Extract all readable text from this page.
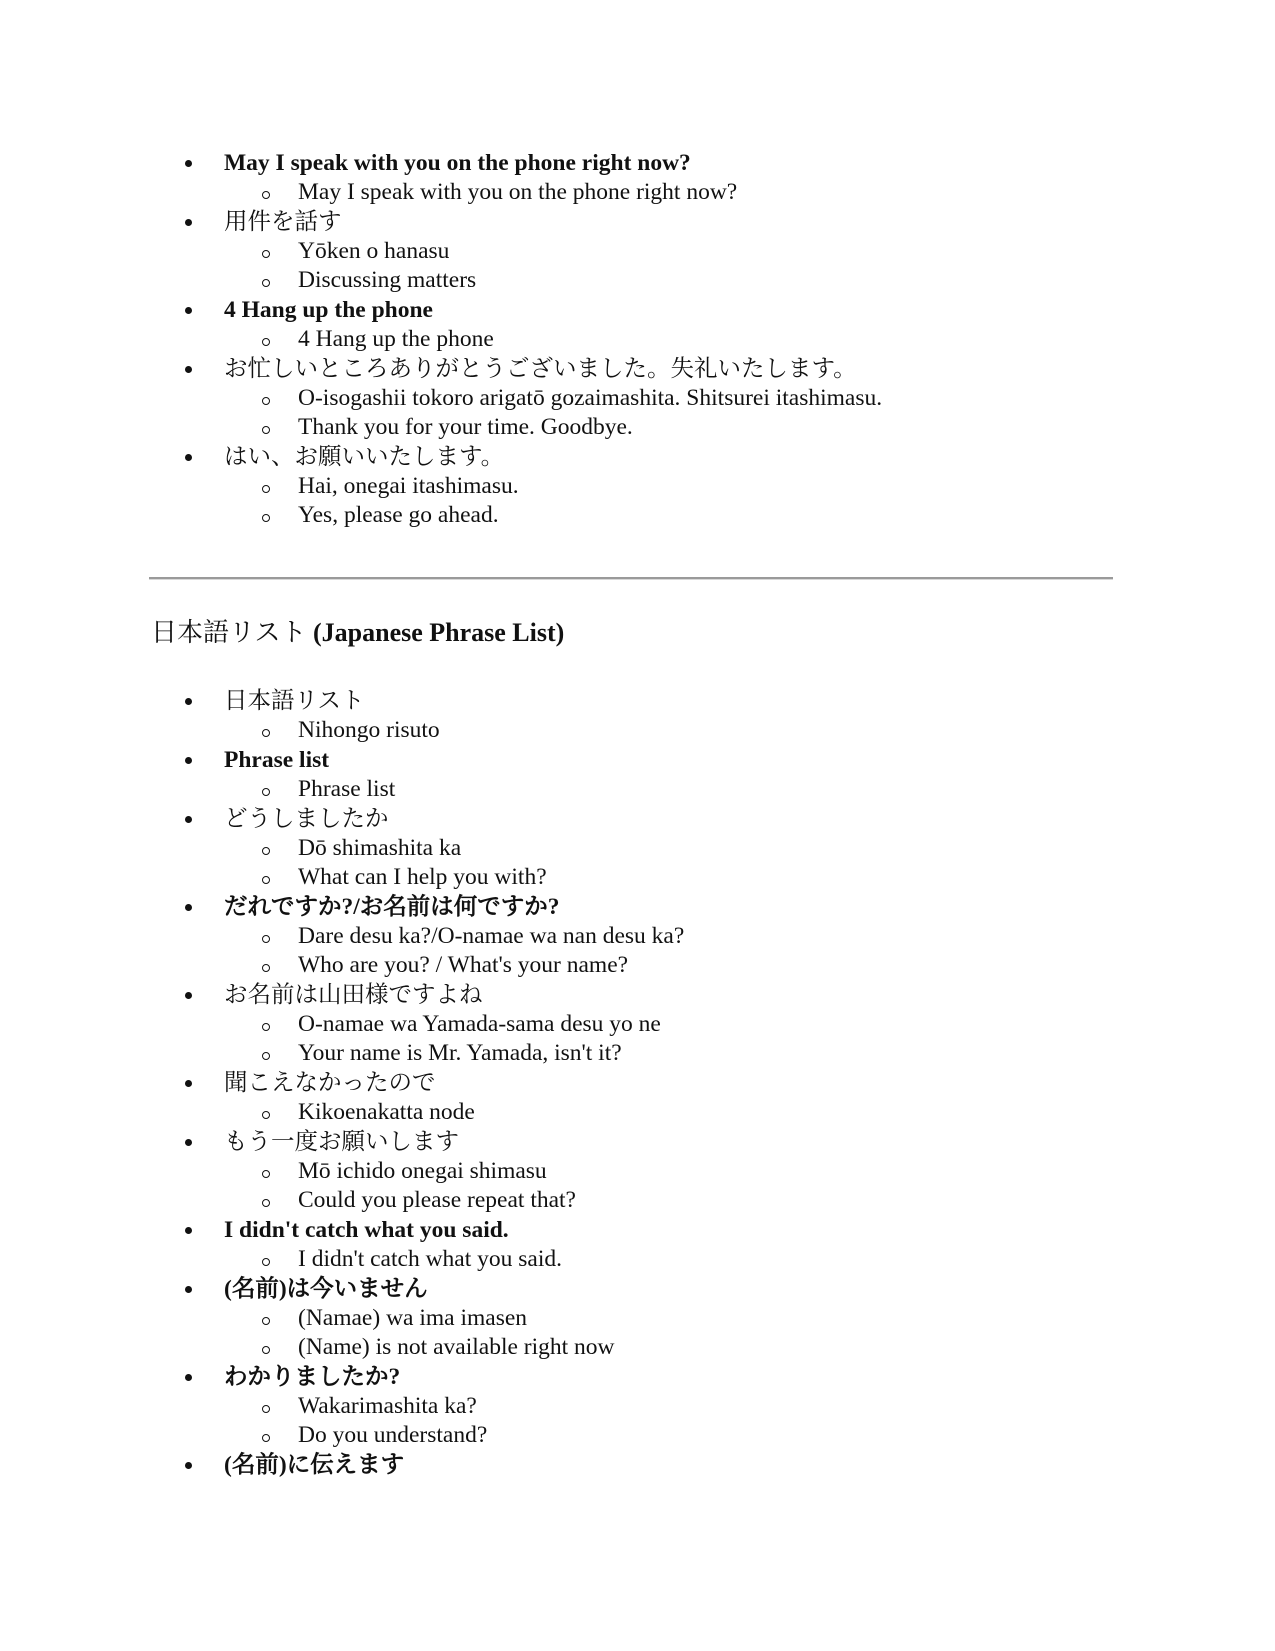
May I speak with you on the phone right now?
May I speak with you on the phone right now?
用件を話す
Yōken o hanasu
Discussing matters
4 Hang up the phone
4 Hang up the phone
お忙しいところありがとうございました。失礼いたします。
O-isogashii tokoro arigatō gozaimashita. Shitsurei itashimasu.
Thank you for your time. Goodbye.
はい、お願いいたします。
Hai, onegai itashimasu.
Yes, please go ahead.
日本語リスト (Japanese Phrase List)
日本語リスト
Nihongo risuto
Phrase list
Phrase list
どうしましたか
Dō shimashita ka
What can I help you with?
だれですか?/お名前は何ですか?
Dare desu ka?/O-namae wa nan desu ka?
Who are you? / What's your name?
お名前は山田様ですよね
O-namae wa Yamada-sama desu yo ne
Your name is Mr. Yamada, isn't it?
聞こえなかったので
Kikoenakatta node
もう一度お願いします
Mō ichido onegai shimasu
Could you please repeat that?
I didn't catch what you said.
I didn't catch what you said.
(名前)は今いません
(Namae) wa ima imasen
(Name) is not available right now
わかりましたか?
Wakarimashita ka?
Do you understand?
(名前)に伝えます
